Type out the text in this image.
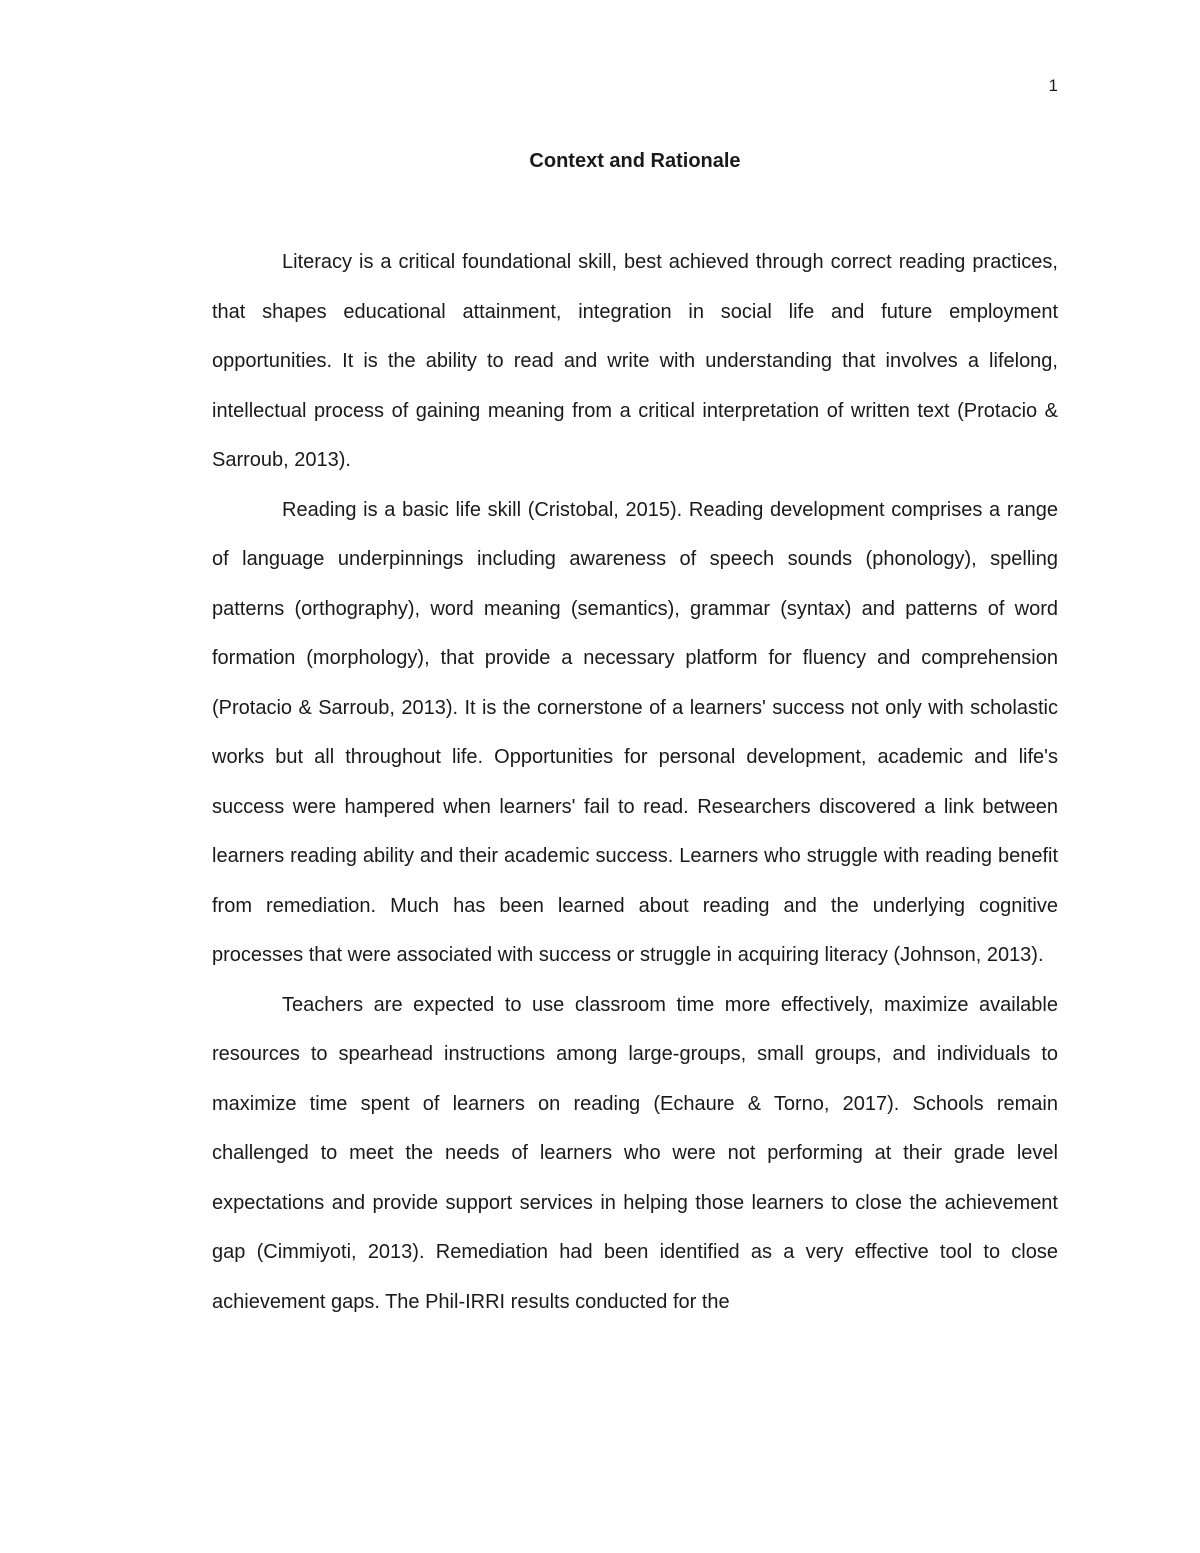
1
Context and Rationale

Literacy is a critical foundational skill, best achieved through correct reading practices, that shapes educational attainment, integration in social life and future employment opportunities. It is the ability to read and write with understanding that involves a lifelong, intellectual process of gaining meaning from a critical interpretation of written text (Protacio & Sarroub, 2013).

Reading is a basic life skill (Cristobal, 2015). Reading development comprises a range of language underpinnings including awareness of speech sounds (phonology), spelling patterns (orthography), word meaning (semantics), grammar (syntax) and patterns of word formation (morphology), that provide a necessary platform for fluency and comprehension (Protacio & Sarroub, 2013). It is the cornerstone of a learners' success not only with scholastic works but all throughout life. Opportunities for personal development, academic and life's success were hampered when learners' fail to read. Researchers discovered a link between learners reading ability and their academic success. Learners who struggle with reading benefit from remediation. Much has been learned about reading and the underlying cognitive processes that were associated with success or struggle in acquiring literacy (Johnson, 2013).

Teachers are expected to use classroom time more effectively, maximize available resources to spearhead instructions among large-groups, small groups, and individuals to maximize time spent of learners on reading (Echaure & Torno, 2017). Schools remain challenged to meet the needs of learners who were not performing at their grade level expectations and provide support services in helping those learners to close the achievement gap (Cimmiyoti, 2013). Remediation had been identified as a very effective tool to close achievement gaps. The Phil-IRRI results conducted for the
